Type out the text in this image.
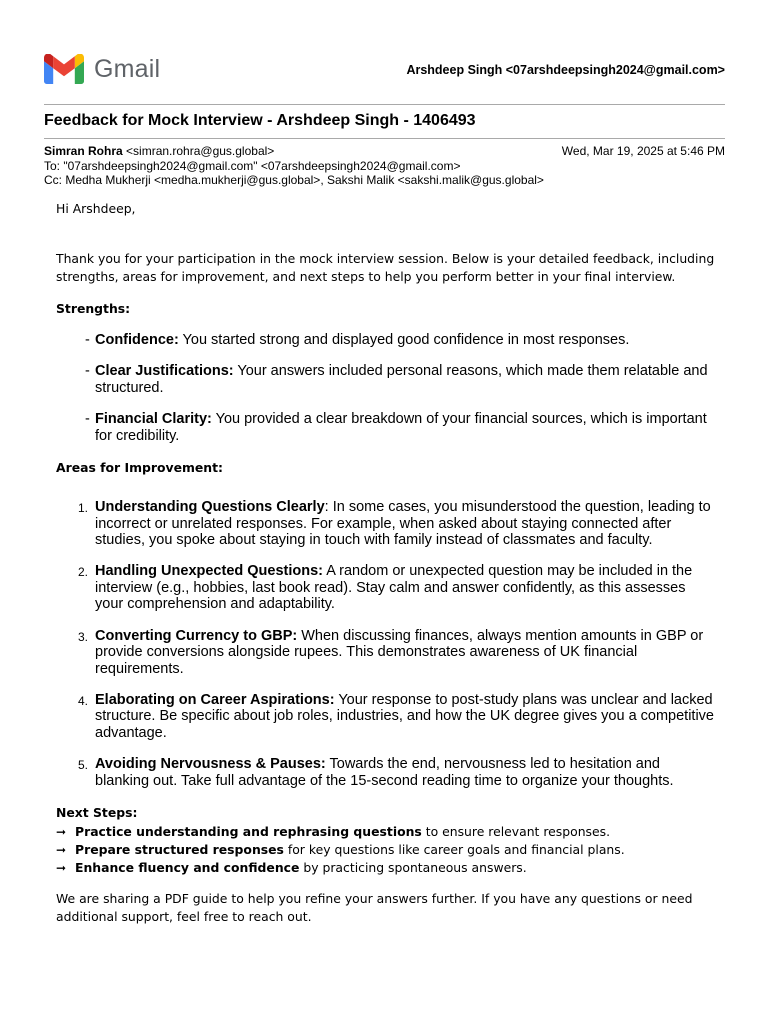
Gmail	Arshdeep Singh <07arshdeepsingh2024@gmail.com>
Feedback for Mock Interview - Arshdeep Singh - 1406493
Simran Rohra <simran.rohra@gus.global>	Wed, Mar 19, 2025 at 5:46 PM
To: "07arshdeepsingh2024@gmail.com" <07arshdeepsingh2024@gmail.com>
Cc: Medha Mukherji <medha.mukherji@gus.global>, Sakshi Malik <sakshi.malik@gus.global>

Hi Arshdeep,

Thank you for your participation in the mock interview session. Below is your detailed feedback, including strengths, areas for improvement, and next steps to help you perform better in your final interview.

Strengths:

- Confidence: You started strong and displayed good confidence in most responses.
- Clear Justifications: Your answers included personal reasons, which made them relatable and structured.
- Financial Clarity: You provided a clear breakdown of your financial sources, which is important for credibility.

Areas for Improvement:

1. Understanding Questions Clearly: In some cases, you misunderstood the question, leading to incorrect or unrelated responses. For example, when asked about staying connected after studies, you spoke about staying in touch with family instead of classmates and faculty.
2. Handling Unexpected Questions: A random or unexpected question may be included in the interview (e.g., hobbies, last book read). Stay calm and answer confidently, as this assesses your comprehension and adaptability.
3. Converting Currency to GBP: When discussing finances, always mention amounts in GBP or provide conversions alongside rupees. This demonstrates awareness of UK financial requirements.
4. Elaborating on Career Aspirations: Your response to post-study plans was unclear and lacked structure. Be specific about job roles, industries, and how the UK degree gives you a competitive advantage.
5. Avoiding Nervousness & Pauses: Towards the end, nervousness led to hesitation and blanking out. Take full advantage of the 15-second reading time to organize your thoughts.

Next Steps:

➞ Practice understanding and rephrasing questions to ensure relevant responses.
➞ Prepare structured responses for key questions like career goals and financial plans.
➞ Enhance fluency and confidence by practicing spontaneous answers.

We are sharing a PDF guide to help you refine your answers further. If you have any questions or need additional support, feel free to reach out.
